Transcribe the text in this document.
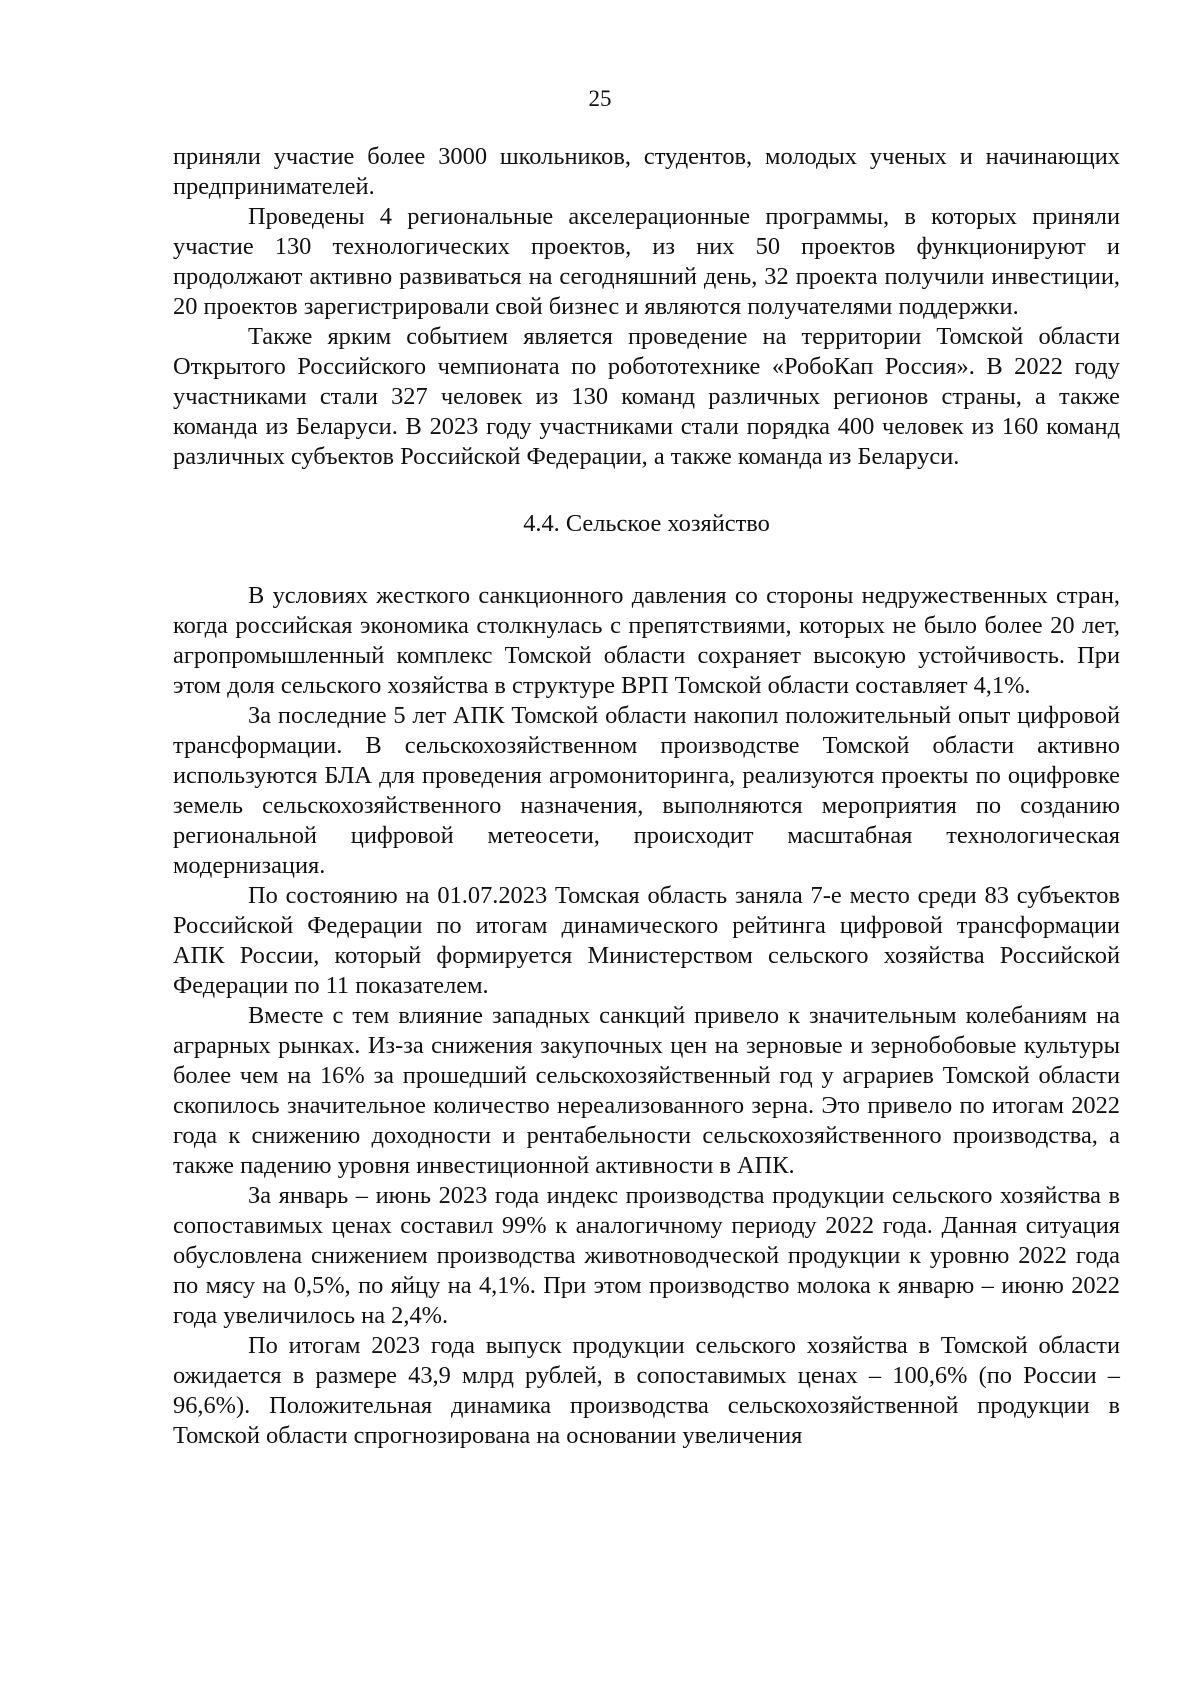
25

приняли участие более 3000 школьников, студентов, молодых ученых и начинающих предпринимателей.

Проведены 4 региональные акселерационные программы, в которых приняли участие 130 технологических проектов, из них 50 проектов функционируют и продолжают активно развиваться на сегодняшний день, 32 проекта получили инвестиции, 20 проектов зарегистрировали свой бизнес и являются получателями поддержки.

Также ярким событием является проведение на территории Томской области Открытого Российского чемпионата по робототехнике «РобоКап Россия». В 2022 году участниками стали 327 человек из 130 команд различных регионов страны, а также команда из Беларуси. В 2023 году участниками стали порядка 400 человек из 160 команд различных субъектов Российской Федерации, а также команда из Беларуси.

4.4. Сельское хозяйство

В условиях жесткого санкционного давления со стороны недружественных стран, когда российская экономика столкнулась с препятствиями, которых не было более 20 лет, агропромышленный комплекс Томской области сохраняет высокую устойчивость. При этом доля сельского хозяйства в структуре ВРП Томской области составляет 4,1%.

За последние 5 лет АПК Томской области накопил положительный опыт цифровой трансформации. В сельскохозяйственном производстве Томской области активно используются БЛА для проведения агромониторинга, реализуются проекты по оцифровке земель сельскохозяйственного назначения, выполняются мероприятия по созданию региональной цифровой метеосети, происходит масштабная технологическая модернизация.

По состоянию на 01.07.2023 Томская область заняла 7-е место среди 83 субъектов Российской Федерации по итогам динамического рейтинга цифровой трансформации АПК России, который формируется Министерством сельского хозяйства Российской Федерации по 11 показателем.

Вместе с тем влияние западных санкций привело к значительным колебаниям на аграрных рынках. Из-за снижения закупочных цен на зерновые и зернобобовые культуры более чем на 16% за прошедший сельскохозяйственный год у аграриев Томской области скопилось значительное количество нереализованного зерна. Это привело по итогам 2022 года к снижению доходности и рентабельности сельскохозяйственного производства, а также падению уровня инвестиционной активности в АПК.

За январь – июнь 2023 года индекс производства продукции сельского хозяйства в сопоставимых ценах составил 99% к аналогичному периоду 2022 года. Данная ситуация обусловлена снижением производства животноводческой продукции к уровню 2022 года по мясу на 0,5%, по яйцу на 4,1%. При этом производство молока к январю – июню 2022 года увеличилось на 2,4%.

По итогам 2023 года выпуск продукции сельского хозяйства в Томской области ожидается в размере 43,9 млрд рублей, в сопоставимых ценах – 100,6% (по России – 96,6%). Положительная динамика производства сельскохозяйственной продукции в Томской области спрогнозирована на основании увеличения
